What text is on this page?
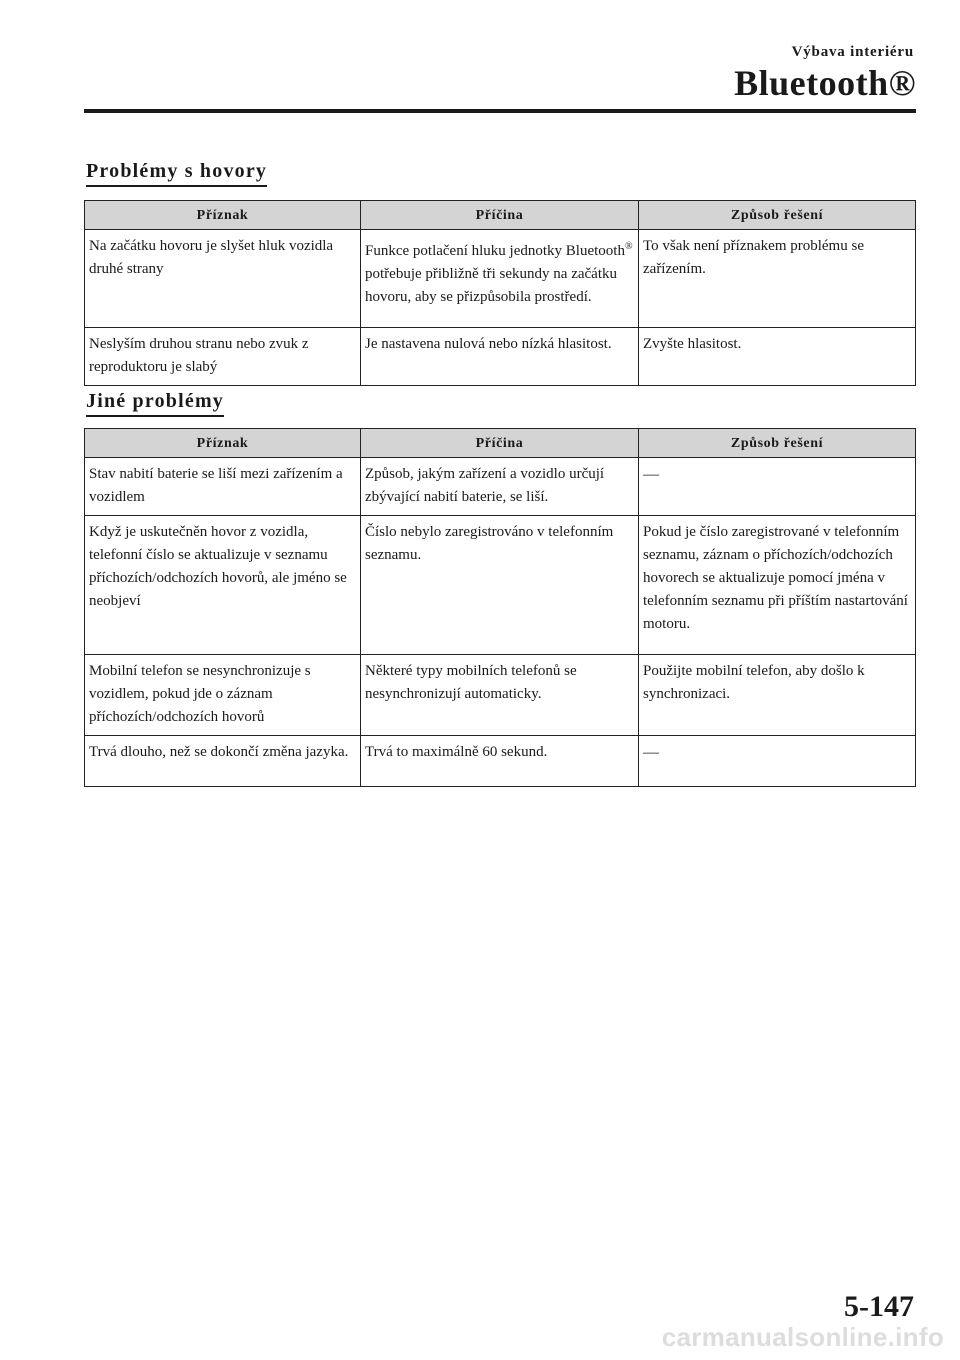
Výbava interiéru
Bluetooth®
Problémy s hovory
Příznak	Příčina	Způsob řešení
Na začátku hovoru je slyšet hluk vozidla druhé strany	Funkce potlačení hluku jednotky Bluetooth® potřebuje přibližně tři sekundy na začátku hovoru, aby se přizpůsobila prostředí.	To však není příznakem problému se zařízením.
Neslyším druhou stranu nebo zvuk z reproduktoru je slabý	Je nastavena nulová nebo nízká hlasitost.	Zvyšte hlasitost.
Jiné problémy
Příznak	Příčina	Způsob řešení
Stav nabití baterie se liší mezi zařízením a vozidlem	Způsob, jakým zařízení a vozidlo určují zbývající nabití baterie, se liší.	—
Když je uskutečněn hovor z vozidla, telefonní číslo se aktualizuje v seznamu příchozích/odchozích hovorů, ale jméno se neobjeví	Číslo nebylo zaregistrováno v telefonním seznamu.	Pokud je číslo zaregistrované v telefonním seznamu, záznam o příchozích/odchozích hovorech se aktualizuje pomocí jména v telefonním seznamu při příštím nastartování motoru.
Mobilní telefon se nesynchronizuje s vozidlem, pokud jde o záznam příchozích/odchozích hovorů	Některé typy mobilních telefonů se nesynchronizují automaticky.	Použijte mobilní telefon, aby došlo k synchronizaci.
Trvá dlouho, než se dokončí změna jazyka.	Trvá to maximálně 60 sekund.	—
5-147
carmanualsonline.info
